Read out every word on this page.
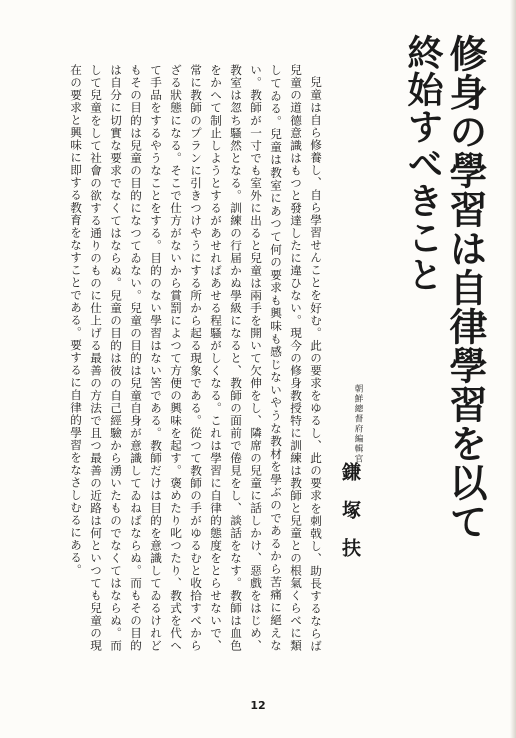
修身の學習は自律學習を以て
終始すべきこと
朝鮮總督府編輯官
鎌塚扶

兒童は自ら修養し、自ら學習せんことを好む。此の要求をゆるし、此の要求を刺戟し、助長するならば兒童の道德意識はもつと發達したに違ひない。現今の修身教授特に訓練は教師と兒童との根氣くらべに類してゐる。兒童は教室にあつて何の要求も興味も感じないやうな教材を學ぶのであるから苦痛に絕えない。教師が一寸でも室外に出ると兒童は兩手を開いて欠伸をし、隣席の兒童に話しかけ、惡戲をはじめ、教室は忽ち騷然となる。訓練の行届かぬ學級になると、教師の面前で倦見をし、談話をなす。教師は血色をかへて制止しようとするがあせればあせる程騷がしくなる。これは學習に自律的態度をとらせないで、常に教師のプランに引きつけやうにする所から起る現象である。從つて教師の手がゆるむと收拾すべからざる狀態になる。そこで仕方がないから賞罰によつて方便の興味を起す。褒めたり叱つたり、教式を代へて手品をするやうなことをする。目的のない學習はない筈である。教師だけは目的を意識してゐるけれどもその目的は兒童の目的になつてゐない。兒童の目的は兒童自身が意識してゐねばならぬ。而もその目的は自分に切實な要求でなくてはならぬ。兒童の目的は彼の自己經驗から湧いたものでなくてはならぬ。而して兒童をして社會の欲する通りのものに仕上げる最善の方法で且つ最善の近路は何といつても兒童の現在の要求と興味に即する教育をなすことである。要するに自律的學習をなさしむるにある。

12
